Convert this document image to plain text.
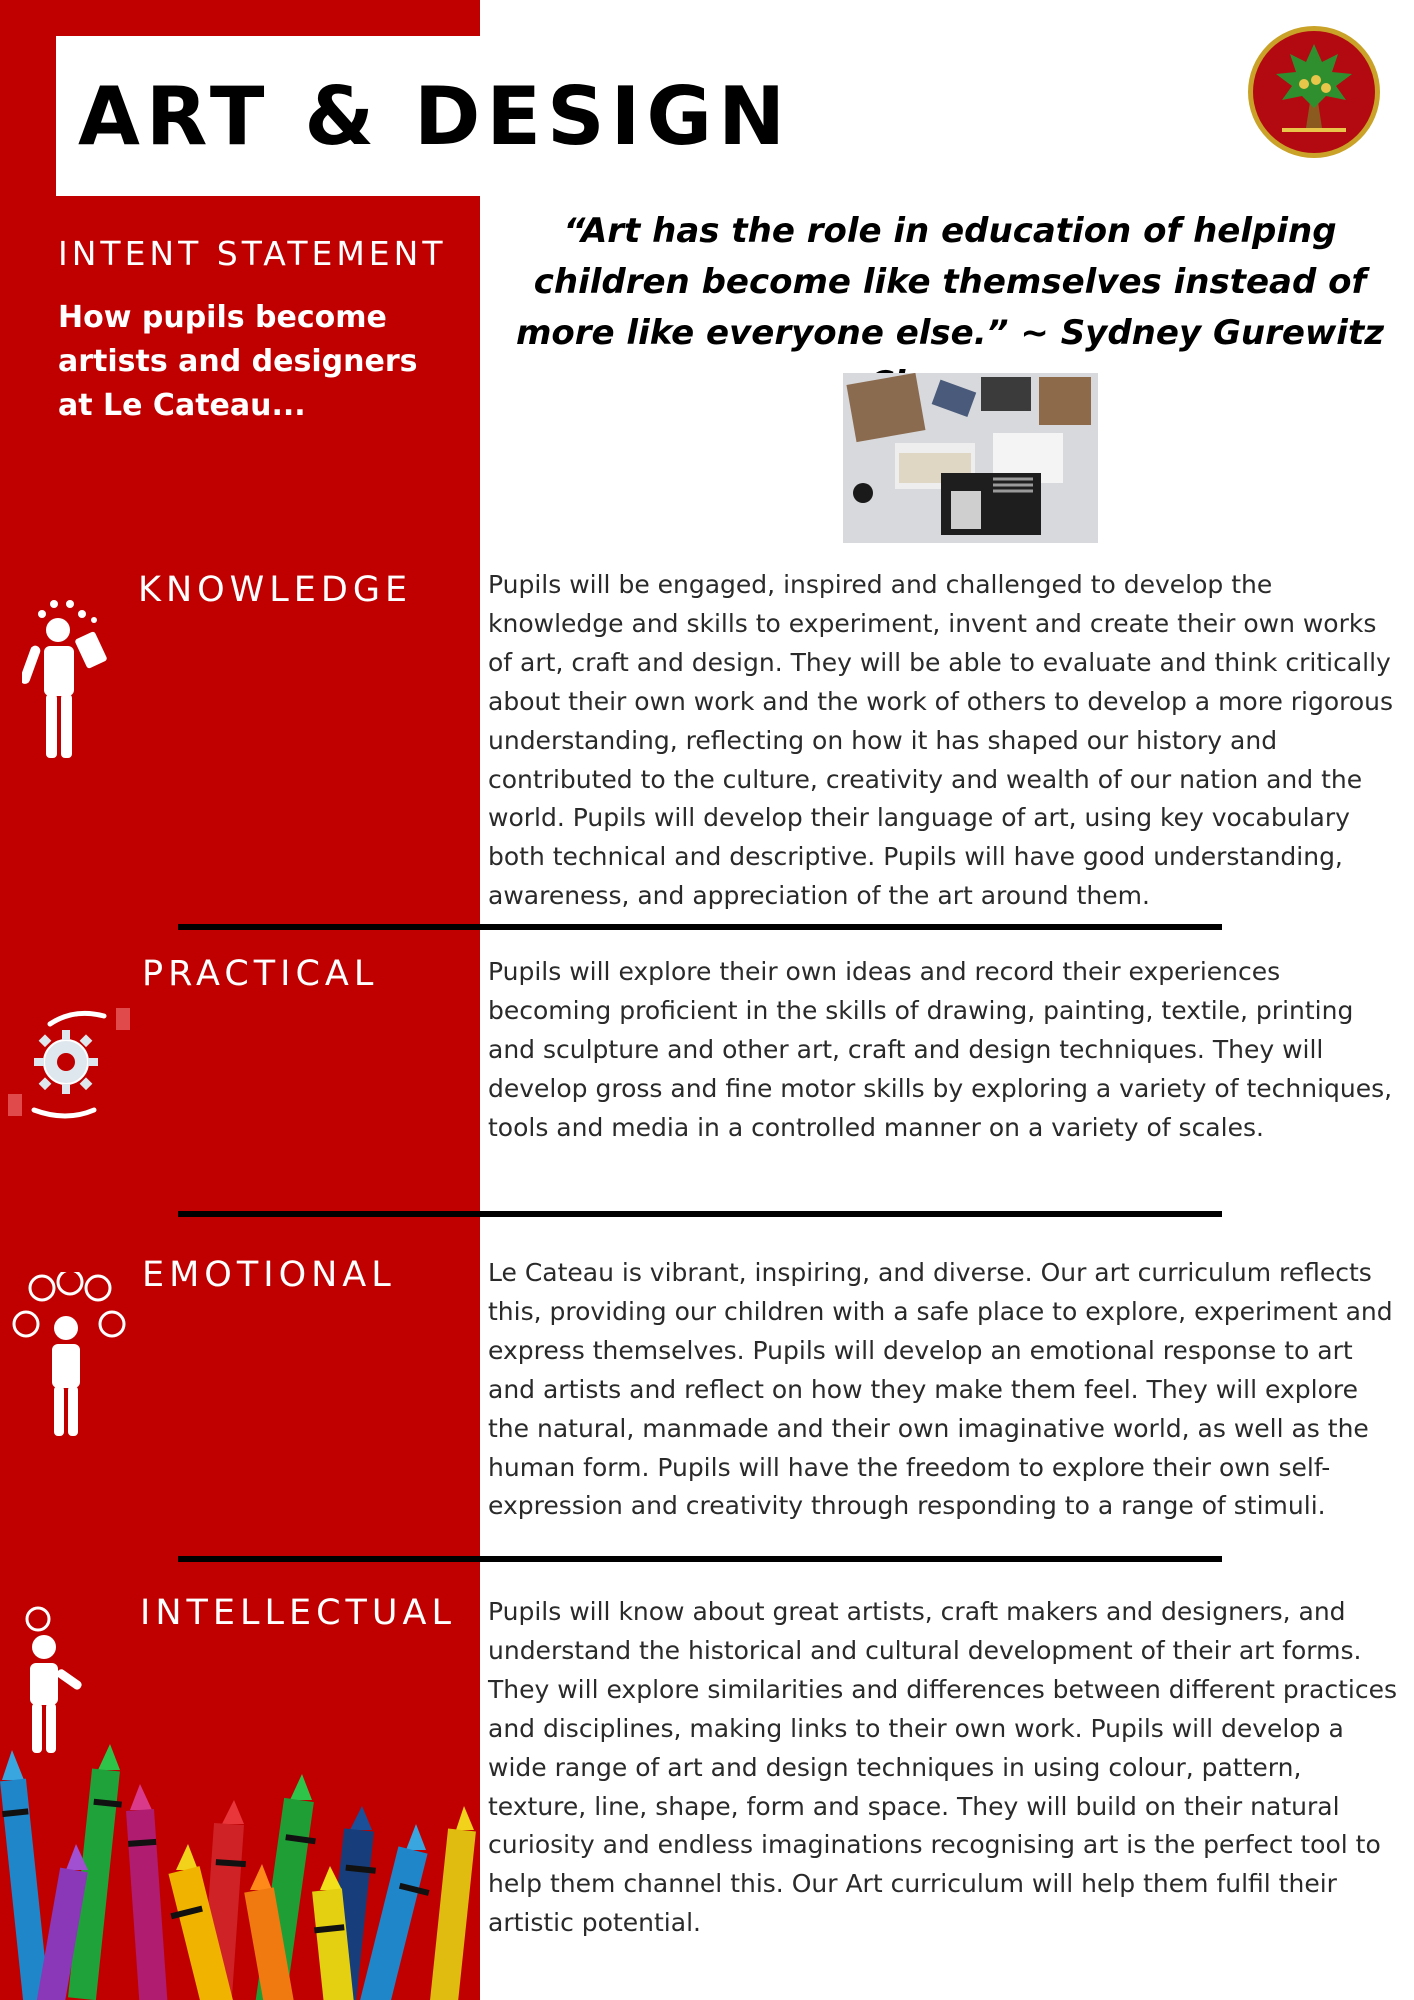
ART & DESIGN
INTENT STATEMENT
How pupils become artists and designers at Le Cateau...
“Art has the role in education of helping children become like themselves instead of more like everyone else.” ~ Sydney Gurewitz
KNOWLEDGE	Pupils will be engaged, inspired and challenged to develop the knowledge and skills to experiment, invent and create their own works of art, craft and design. They will be able to evaluate and think critically about their own work and the work of others to develop a more rigorous understanding, reflecting on how it has shaped our history and contributed to the culture, creativity and wealth of our nation and the world. Pupils will develop their language of art, using key vocabulary both technical and descriptive. Pupils will have good understanding, awareness, and appreciation of the art around them.
PRACTICAL	Pupils will explore their own ideas and record their experiences becoming proficient in the skills of drawing, painting, textile, printing and sculpture and other art, craft and design techniques. They will develop gross and fine motor skills by exploring a variety of techniques, tools and media in a controlled manner on a variety of scales.
EMOTIONAL	Le Cateau is vibrant, inspiring, and diverse. Our art curriculum reflects this, providing our children with a safe place to explore, experiment and express themselves. Pupils will develop an emotional response to art and artists and reflect on how they make them feel. They will explore the natural, manmade and their own imaginative world, as well as the human form. Pupils will have the freedom to explore their own self-expression and creativity through responding to a range of stimuli.
INTELLECTUAL Pupils will know about great artists, craft makers and designers, and understand the historical and cultural development of their art forms. They will explore similarities and differences between different practices and disciplines, making links to their own work. Pupils will develop a wide range of art and design techniques in using colour, pattern, texture, line, shape, form and space. They will build on their natural curiosity and endless imaginations recognising art is the perfect tool to help them channel this. Our Art curriculum will help them fulfil their artistic potential.
